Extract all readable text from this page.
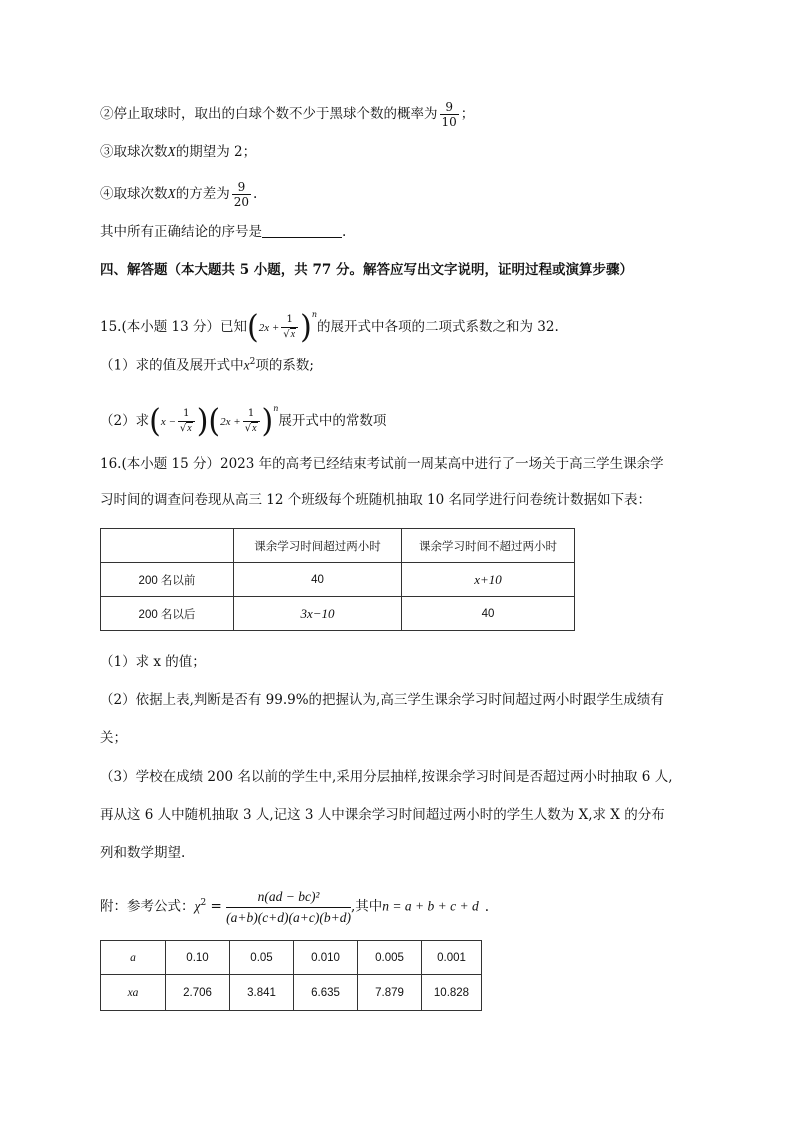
②停止取球时，取出的白球个数不少于黑球个数的概率为 $\frac{9}{10}$ ；
③取球次数X的期望为 2；
④取球次数X的方差为 $\frac{9}{20}$ .
其中所有正确结论的序号是	.
四、解答题（本大题共 5 小题，共 77 分。解答应写出文字说明，证明过程或演算步骤）
15.(本小题 13 分）已知$(2x + \frac{1}{√x} )^n$的展开式中各项的二项式系数之和为 32.
（1）求的值及展开式中$x^2$项的系数;
（2）求$(x - \frac{1}{√x} )(2x + \frac{1}{√x} )^n$展开式中的常数项
16.(本小题 15 分）2023 年的高考已经结束考试前一周某高中进行了一场关于高三学生课余学
习时间的调查问卷现从高三 12 个班级每个班随机抽取 10 名同学进行问卷统计数据如下表：
	课余学习时间超过两小时	课余学习时间不超过两小时
200 名以前	40	x+10
200 名以后	3x−10	40
（1）求 x 的值；
（2）依据上表,判断是否有 99.9%的把握认为,高三学生课余学习时间超过两小时跟学生成绩有
关；
（3）学校在成绩 200 名以前的学生中,采用分层抽样,按课余学习时间是否超过两小时抽取 6 人,
再从这 6 人中随机抽取 3 人,记这 3 人中课余学习时间超过两小时的学生人数为 X,求 X 的分布
列和数学期望.
附：参考公式：$\chi^2 = \frac{\text{n(ad − bc)²}}{(a+b)(c+d)(a+c)(b+d)}$ ,其中n = a + b + c + d .
a	0.10	0.05	0.010	0.005	0.001
xa	2.706	3.841	6.635	7.879	10.828
